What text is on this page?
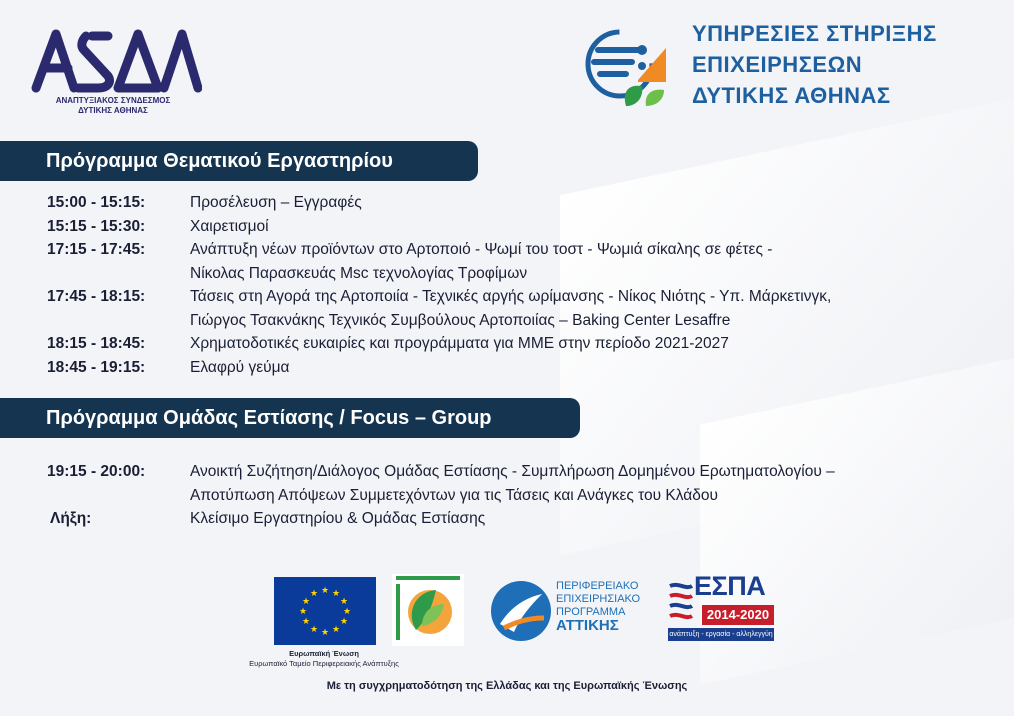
ΑΝΑΠΤΥΞΙΑΚΟΣ ΣΥΝΔΕΣΜΟΣ
ΔΥΤΙΚΗΣ ΑΘΗΝΑΣ
ΥΠΗΡΕΣΙΕΣ ΣΤΗΡΙΞΗΣ
ΕΠΙΧΕΙΡΗΣΕΩΝ
ΔΥΤΙΚΗΣ ΑΘΗΝΑΣ
Πρόγραμμα Θεματικού Εργαστηρίου
15:00 - 15:15:	Προσέλευση – Εγγραφές
15:15 - 15:30:	Χαιρετισμοί
17:15 - 17:45:	Ανάπτυξη νέων προϊόντων στο Αρτοποιό - Ψωμί του τοστ - Ψωμιά σίκαλης σε φέτες -
Νίκολας Παρασκευάς Msc τεχνολογίας Τροφίμων
17:45 - 18:15:	Τάσεις στη Αγορά της Αρτοποιία - Τεχνικές αργής ωρίμανσης - Νίκος Νιότης - Υπ. Μάρκετινγκ,
Γιώργος Τσακνάκης Τεχνικός Συμβούλους Αρτοποιίας – Baking Center Lesaffre
18:15 - 18:45:	Χρηματοδοτικές ευκαιρίες και προγράμματα για ΜΜΕ στην περίοδο 2021-2027
18:45 - 19:15:	Ελαφρύ γεύμα
Πρόγραμμα Ομάδας Εστίασης / Focus – Group
19:15 - 20:00:	Ανοικτή Συζήτηση/Διάλογος Ομάδας Εστίασης - Συμπλήρωση Δομημένου Ερωτηματολογίου –
Αποτύπωση Απόψεων Συμμετεχόντων για τις Τάσεις και Ανάγκες του Κλάδου
Λήξη:	Κλείσιμο Εργαστηρίου & Ομάδας Εστίασης
★ ★
★
★
★
★
★
★
★
★
★
★
Ευρωπαϊκή Ένωση
Ευρωπαϊκό Ταμείο Περιφερειακής Ανάπτυξης
ΠΕΡΙΦΕΡΕΙΑΚΟ
ΕΠΙΧΕΙΡΗΣΙΑΚΟ
ΠΡΟΓΡΑΜΜΑ
ΑΤΤΙΚΗΣ
ΕΣΠΑ
2014-2020
ανάπτυξη - εργασία - αλληλεγγύη
Με τη συγχρηματοδότηση της Ελλάδας και της Ευρωπαϊκής Ένωσης
